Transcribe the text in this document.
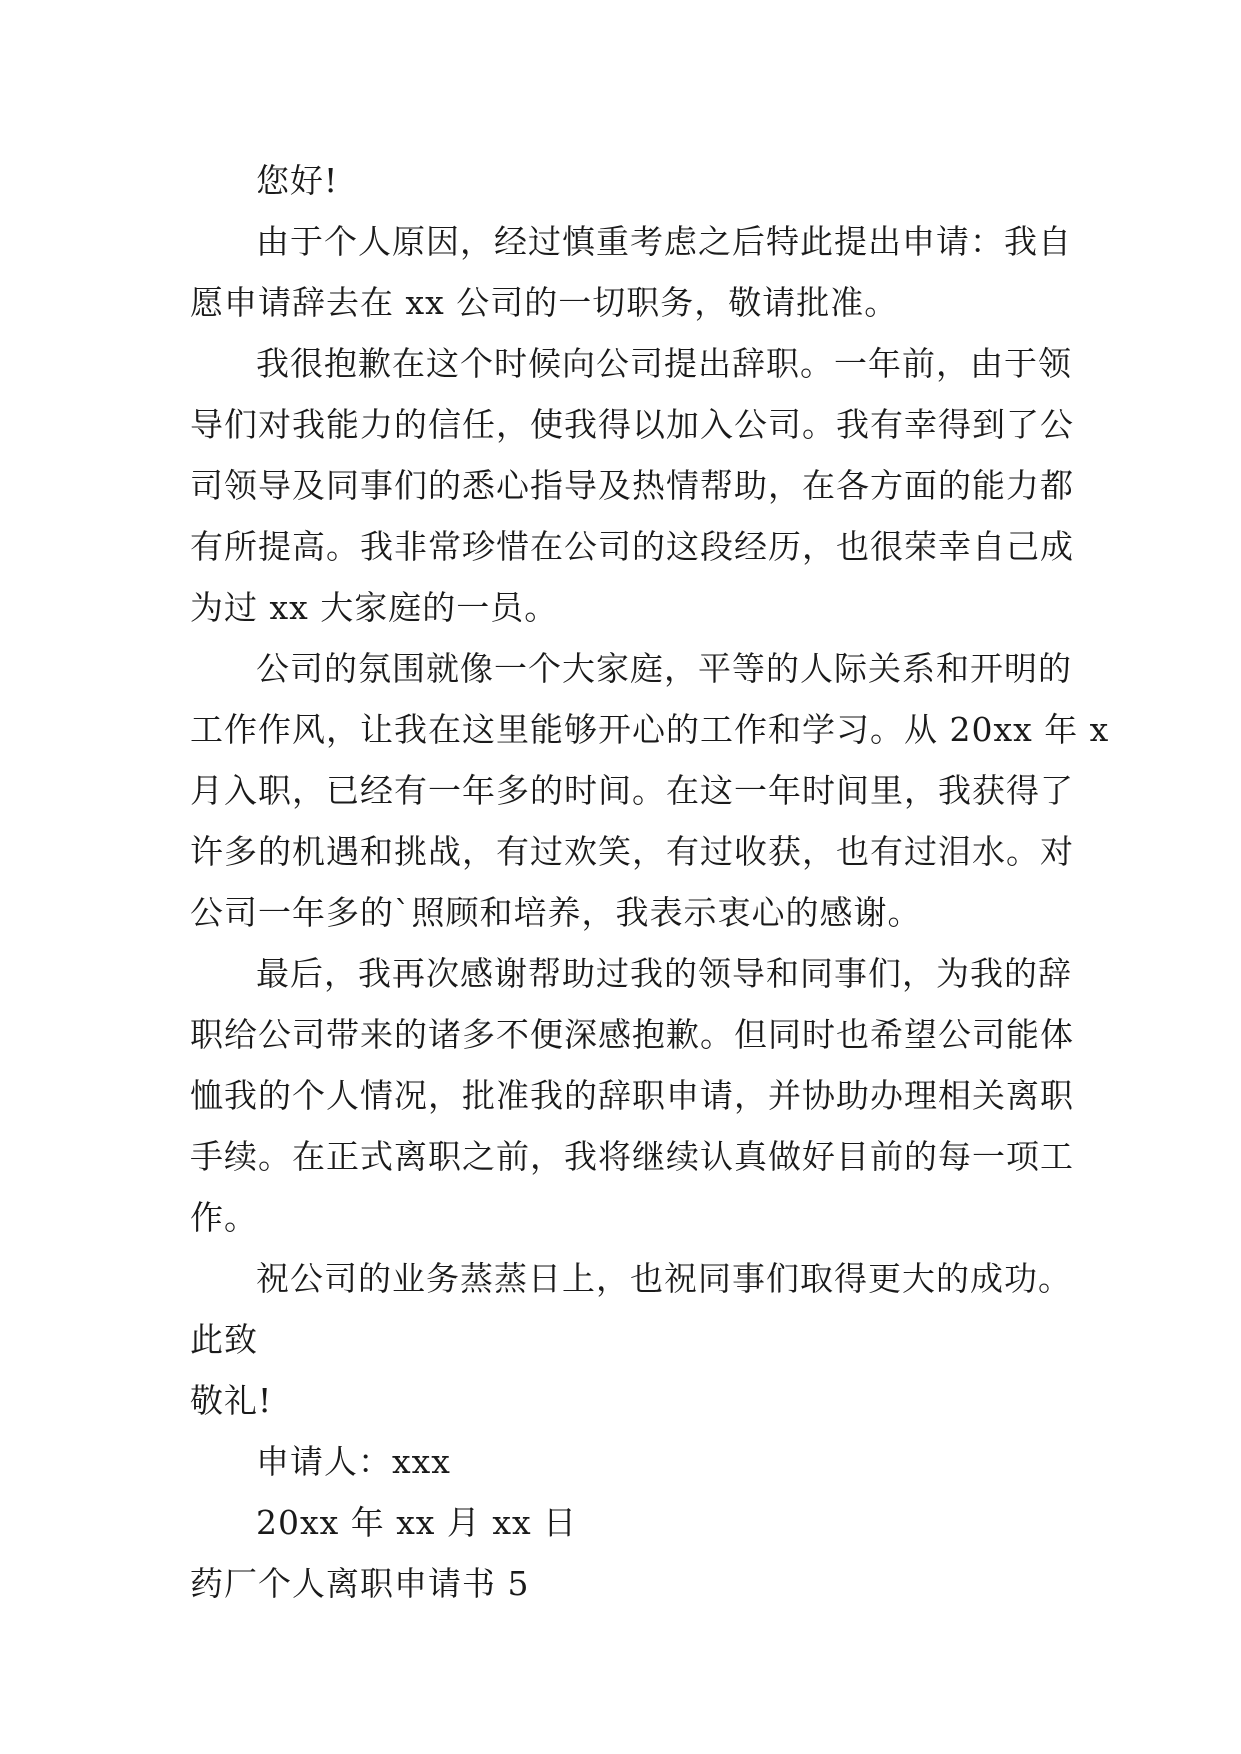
您好!
由于个人原因，经过慎重考虑之后特此提出申请：我自
愿申请辞去在 xx 公司的一切职务，敬请批准。
我很抱歉在这个时候向公司提出辞职。一年前，由于领
导们对我能力的信任，使我得以加入公司。我有幸得到了公
司领导及同事们的悉心指导及热情帮助，在各方面的能力都
有所提高。我非常珍惜在公司的这段经历，也很荣幸自己成
为过 xx 大家庭的一员。
公司的氛围就像一个大家庭，平等的人际关系和开明的
工作作风，让我在这里能够开心的工作和学习。从 20xx 年 x
月入职，已经有一年多的时间。在这一年时间里，我获得了
许多的机遇和挑战，有过欢笑，有过收获，也有过泪水。对
公司一年多的`照顾和培养，我表示衷心的感谢。
最后，我再次感谢帮助过我的领导和同事们，为我的辞
职给公司带来的诸多不便深感抱歉。但同时也希望公司能体
恤我的个人情况，批准我的辞职申请，并协助办理相关离职
手续。在正式离职之前，我将继续认真做好目前的每一项工
作。
祝公司的业务蒸蒸日上，也祝同事们取得更大的成功。
此致
敬礼!
申请人：xxx
20xx 年 xx 月 xx 日
药厂个人离职申请书 5
